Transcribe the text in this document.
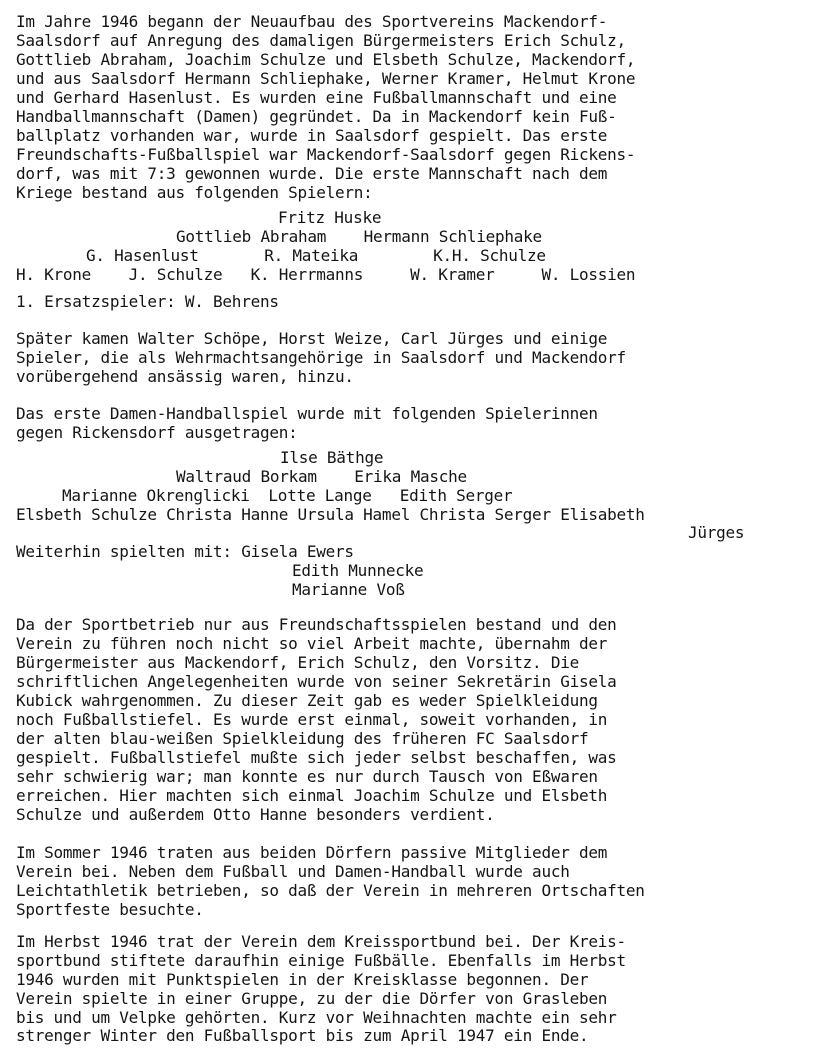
Im Jahre 1946 begann der Neuaufbau des Sportvereins Mackendorf-
Saalsdorf auf Anregung des damaligen Bürgermeisters Erich Schulz,
Gottlieb Abraham, Joachim Schulze und Elsbeth Schulze, Mackendorf,
und aus Saalsdorf Hermann Schliephake, Werner Kramer, Helmut Krone
und Gerhard Hasenlust. Es wurden eine Fußballmannschaft und eine
Handballmannschaft (Damen) gegründet. Da in Mackendorf kein Fuß-
ballplatz vorhanden war, wurde in Saalsdorf gespielt. Das erste
Freundschafts-Fußballspiel war Mackendorf-Saalsdorf gegen Rickens-
dorf, was mit 7:3 gewonnen wurde. Die erste Mannschaft nach dem
Kriege bestand aus folgenden Spielern:
Fritz Huske
Gottlieb Abraham    Hermann Schliephake
G. Hasenlust       R. Mateika        K.H. Schulze
H. Krone    J. Schulze   K. Herrmanns     W. Kramer     W. Lossien
1. Ersatzspieler: W. Behrens
Später kamen Walter Schöpe, Horst Weize, Carl Jürges und einige
Spieler, die als Wehrmachtsangehörige in Saalsdorf und Mackendorf
vorübergehend ansässig waren, hinzu.
Das erste Damen-Handballspiel wurde mit folgenden Spielerinnen
gegen Rickensdorf ausgetragen:
Ilse Bäthge
Waltraud Borkam    Erika Masche
Marianne Okrenglicki  Lotte Lange   Edith Serger
Elsbeth Schulze Christa Hanne Ursula Hamel Christa Serger Elisabeth
Jürges
Weiterhin spielten mit: Gisela Ewers
Edith Munnecke
Marianne Voß
Da der Sportbetrieb nur aus Freundschaftsspielen bestand und den
Verein zu führen noch nicht so viel Arbeit machte, übernahm der
Bürgermeister aus Mackendorf, Erich Schulz, den Vorsitz. Die
schriftlichen Angelegenheiten wurde von seiner Sekretärin Gisela
Kubick wahrgenommen. Zu dieser Zeit gab es weder Spielkleidung
noch Fußballstiefel. Es wurde erst einmal, soweit vorhanden, in
der alten blau-weißen Spielkleidung des früheren FC Saalsdorf
gespielt. Fußballstiefel mußte sich jeder selbst beschaffen, was
sehr schwierig war; man konnte es nur durch Tausch von Eßwaren
erreichen. Hier machten sich einmal Joachim Schulze und Elsbeth
Schulze und außerdem Otto Hanne besonders verdient.
Im Sommer 1946 traten aus beiden Dörfern passive Mitglieder dem
Verein bei. Neben dem Fußball und Damen-Handball wurde auch
Leichtathletik betrieben, so daß der Verein in mehreren Ortschaften
Sportfeste besuchte.
Im Herbst 1946 trat der Verein dem Kreissportbund bei. Der Kreis-
sportbund stiftete daraufhin einige Fußbälle. Ebenfalls im Herbst
1946 wurden mit Punktspielen in der Kreisklasse begonnen. Der
Verein spielte in einer Gruppe, zu der die Dörfer von Grasleben
bis und um Velpke gehörten. Kurz vor Weihnachten machte ein sehr
strenger Winter den Fußballsport bis zum April 1947 ein Ende.
